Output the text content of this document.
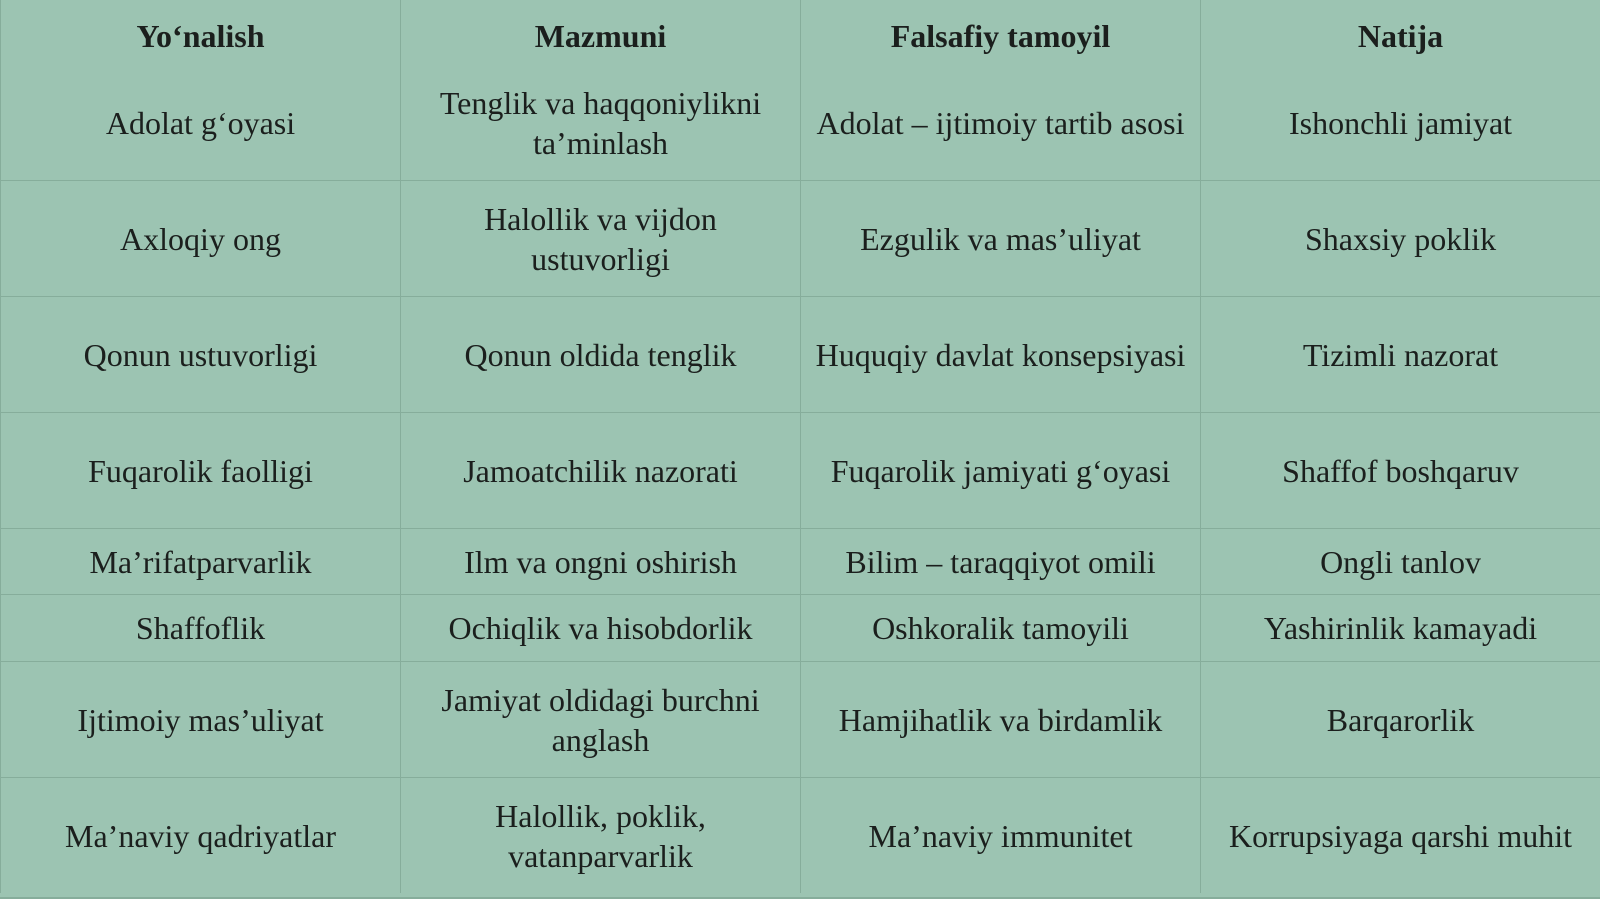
Yo‘nalish	Mazmuni	Falsafiy tamoyil	Natija
Adolat g‘oyasi	Tenglik va haqqoniylikni ta’minlash	Adolat – ijtimoiy tartib asosi	Ishonchli jamiyat
Axloqiy ong	Halollik va vijdon ustuvorligi	Ezgulik va mas’uliyat	Shaxsiy poklik
Qonun ustuvorligi	Qonun oldida tenglik	Huquqiy davlat konsepsiyasi	Tizimli nazorat
Fuqarolik faolligi	Jamoatchilik nazorati	Fuqarolik jamiyati g‘oyasi	Shaffof boshqaruv
Ma’rifatparvarlik	Ilm va ongni oshirish	Bilim – taraqqiyot omili	Ongli tanlov
Shaffoflik	Ochiqlik va hisobdorlik	Oshkoralik tamoyili	Yashirinlik kamayadi
Ijtimoiy mas’uliyat	Jamiyat oldidagi burchni anglash	Hamjihatlik va birdamlik	Barqarorlik
Ma’naviy qadriyatlar	Halollik, poklik, vatanparvarlik	Ma’naviy immunitet	Korrupsiyaga qarshi muhit
